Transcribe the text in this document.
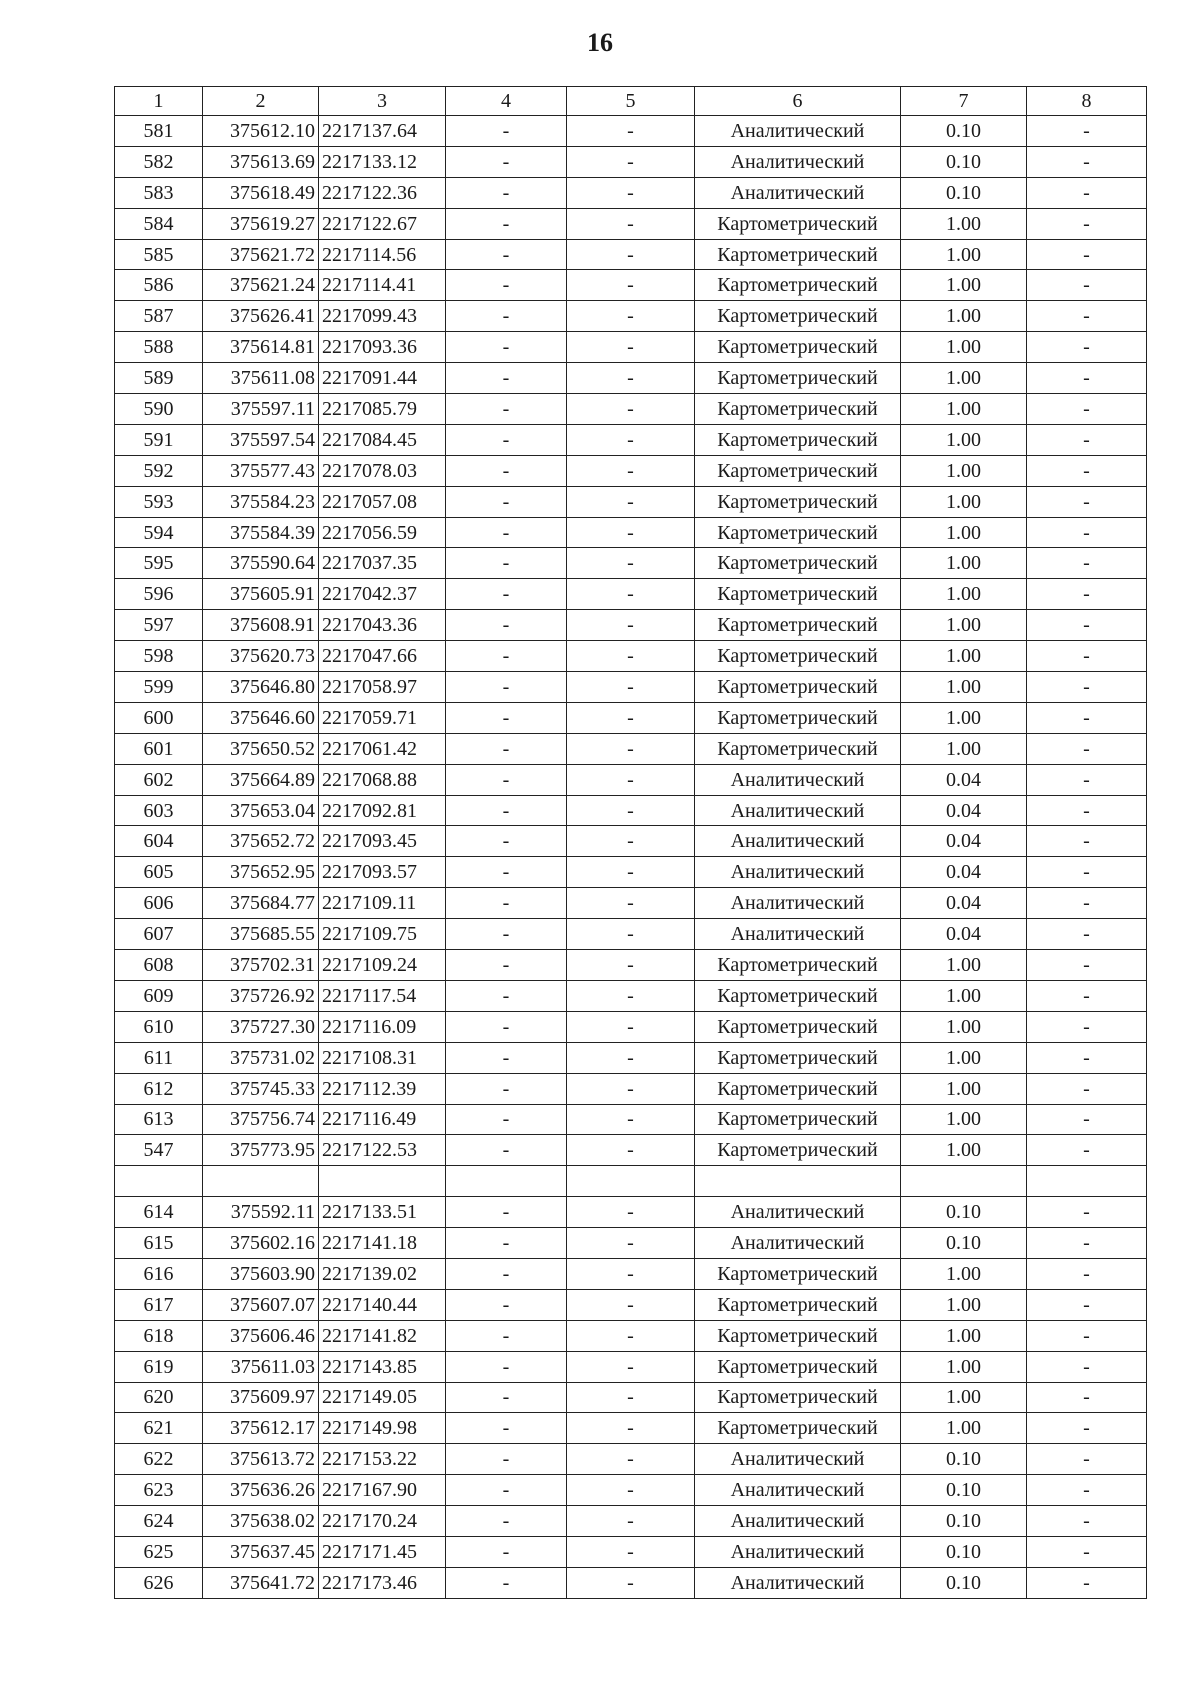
16
1	2	3	4	5	6	7	8
581	375612.10	2217137.64	-	-	Аналитический	0.10	-
582	375613.69	2217133.12	-	-	Аналитический	0.10	-
583	375618.49	2217122.36	-	-	Аналитический	0.10	-
584	375619.27	2217122.67	-	-	Картометрический	1.00	-
585	375621.72	2217114.56	-	-	Картометрический	1.00	-
586	375621.24	2217114.41	-	-	Картометрический	1.00	-
587	375626.41	2217099.43	-	-	Картометрический	1.00	-
588	375614.81	2217093.36	-	-	Картометрический	1.00	-
589	375611.08	2217091.44	-	-	Картометрический	1.00	-
590	375597.11	2217085.79	-	-	Картометрический	1.00	-
591	375597.54	2217084.45	-	-	Картометрический	1.00	-
592	375577.43	2217078.03	-	-	Картометрический	1.00	-
593	375584.23	2217057.08	-	-	Картометрический	1.00	-
594	375584.39	2217056.59	-	-	Картометрический	1.00	-
595	375590.64	2217037.35	-	-	Картометрический	1.00	-
596	375605.91	2217042.37	-	-	Картометрический	1.00	-
597	375608.91	2217043.36	-	-	Картометрический	1.00	-
598	375620.73	2217047.66	-	-	Картометрический	1.00	-
599	375646.80	2217058.97	-	-	Картометрический	1.00	-
600	375646.60	2217059.71	-	-	Картометрический	1.00	-
601	375650.52	2217061.42	-	-	Картометрический	1.00	-
602	375664.89	2217068.88	-	-	Аналитический	0.04	-
603	375653.04	2217092.81	-	-	Аналитический	0.04	-
604	375652.72	2217093.45	-	-	Аналитический	0.04	-
605	375652.95	2217093.57	-	-	Аналитический	0.04	-
606	375684.77	2217109.11	-	-	Аналитический	0.04	-
607	375685.55	2217109.75	-	-	Аналитический	0.04	-
608	375702.31	2217109.24	-	-	Картометрический	1.00	-
609	375726.92	2217117.54	-	-	Картометрический	1.00	-
610	375727.30	2217116.09	-	-	Картометрический	1.00	-
611	375731.02	2217108.31	-	-	Картометрический	1.00	-
612	375745.33	2217112.39	-	-	Картометрический	1.00	-
613	375756.74	2217116.49	-	-	Картометрический	1.00	-
547	375773.95	2217122.53	-	-	Картометрический	1.00	-

614	375592.11	2217133.51	-	-	Аналитический	0.10	-
615	375602.16	2217141.18	-	-	Аналитический	0.10	-
616	375603.90	2217139.02	-	-	Картометрический	1.00	-
617	375607.07	2217140.44	-	-	Картометрический	1.00	-
618	375606.46	2217141.82	-	-	Картометрический	1.00	-
619	375611.03	2217143.85	-	-	Картометрический	1.00	-
620	375609.97	2217149.05	-	-	Картометрический	1.00	-
621	375612.17	2217149.98	-	-	Картометрический	1.00	-
622	375613.72	2217153.22	-	-	Аналитический	0.10	-
623	375636.26	2217167.90	-	-	Аналитический	0.10	-
624	375638.02	2217170.24	-	-	Аналитический	0.10	-
625	375637.45	2217171.45	-	-	Аналитический	0.10	-
626	375641.72	2217173.46	-	-	Аналитический	0.10	-
